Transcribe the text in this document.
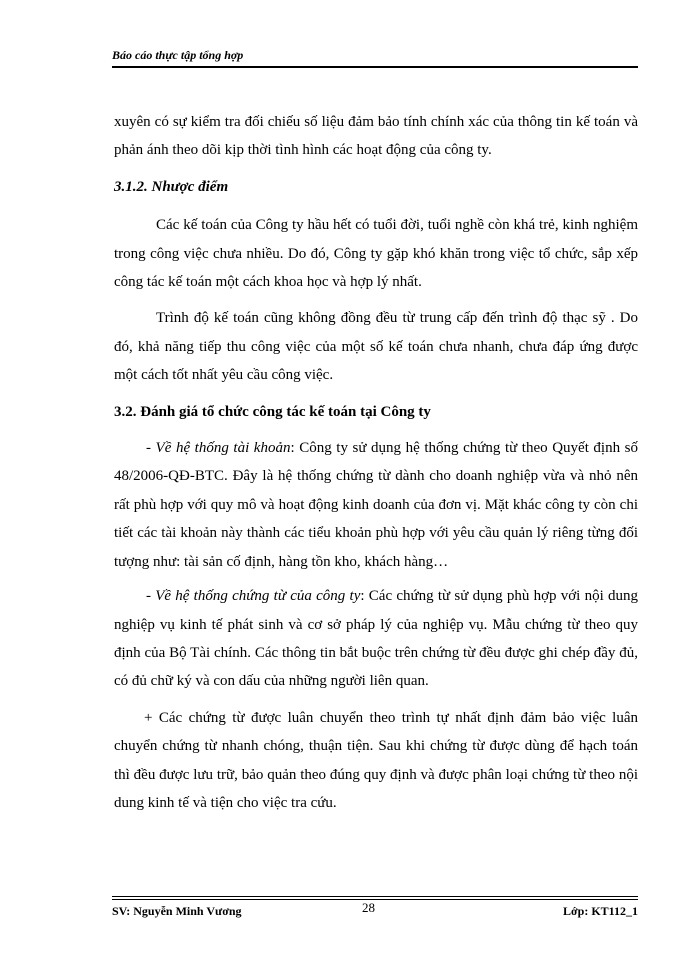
Báo cáo thực tập tổng hợp

xuyên có sự kiểm tra đối chiếu số liệu đảm bảo tính chính xác của thông tin kế toán và phản ánh theo dõi kịp thời tình hình các hoạt động của công ty.

3.1.2. Nhược điểm

Các kế toán của Công ty hầu hết có tuổi đời, tuổi nghề còn khá trẻ, kinh nghiệm trong công việc chưa nhiều. Do đó, Công ty gặp khó khăn trong việc tổ chức, sắp xếp công tác kế toán một cách khoa học và hợp lý nhất.

Trình độ kế toán cũng không đồng đều từ trung cấp đến trình độ thạc sỹ . Do đó, khả năng tiếp thu công việc của một số kế toán chưa nhanh, chưa đáp ứng được một cách tốt nhất yêu cầu công việc.

3.2. Đánh giá tổ chức công tác kế toán tại Công ty

- Về hệ thống tài khoản: Công ty sử dụng hệ thống chứng từ theo Quyết định số 48/2006-QĐ-BTC. Đây là hệ thống chứng từ dành cho doanh nghiệp vừa và nhỏ nên rất phù hợp với quy mô và hoạt động kinh doanh của đơn vị. Mặt khác công ty còn chi tiết các tài khoản này thành các tiểu khoản phù hợp với yêu cầu quản lý riêng từng đối tượng như: tài sản cố định, hàng tồn kho, khách hàng…

- Về hệ thống chứng từ của công ty: Các chứng từ sử dụng phù hợp với nội dung nghiệp vụ kinh tế phát sinh và cơ sở pháp lý của nghiệp vụ. Mẫu chứng từ theo quy định của Bộ Tài chính. Các thông tin bắt buộc trên chứng từ đều được ghi chép đầy đủ, có đủ chữ ký và con dấu của những người liên quan.

+ Các chứng từ được luân chuyển theo trình tự nhất định đảm bảo việc luân chuyển chứng từ nhanh chóng, thuận tiện. Sau khi chứng từ được dùng để hạch toán thì đều được lưu trữ, bảo quản theo đúng quy định và được phân loại chứng từ theo nội dung kinh tế và tiện cho việc tra cứu.

SV: Nguyễn Minh Vương	28	Lớp: KT112_1
